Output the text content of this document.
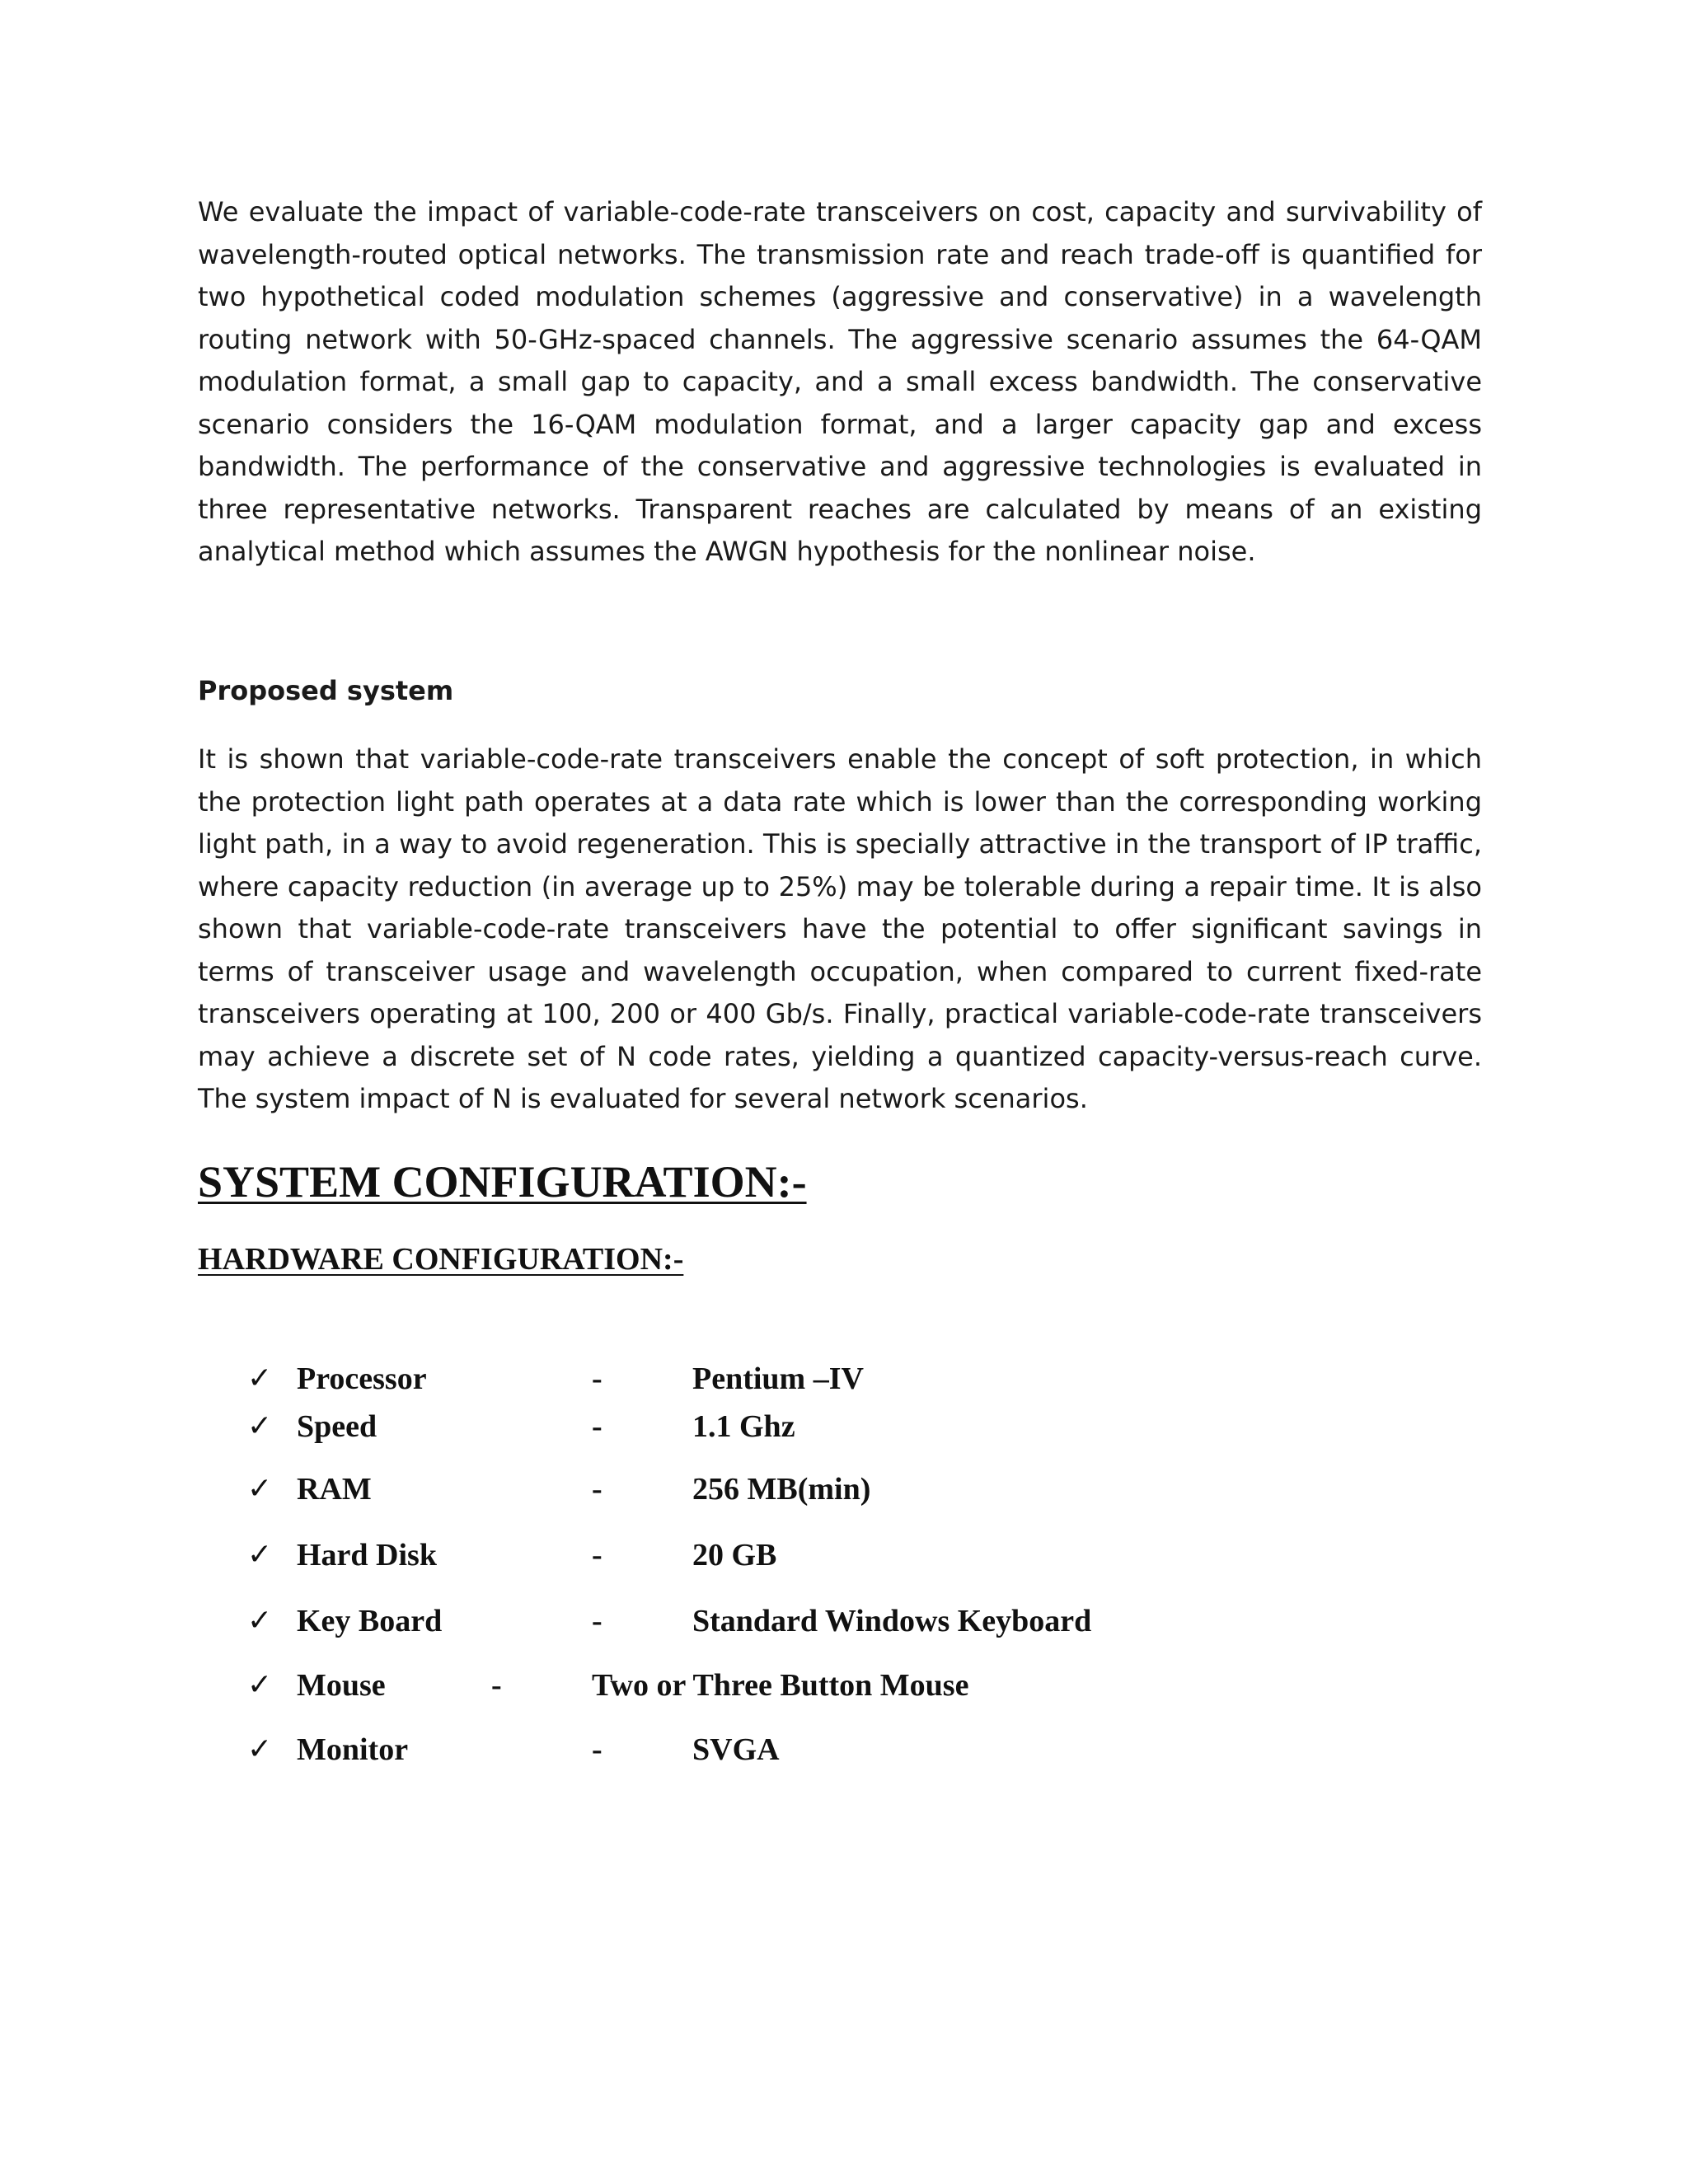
We evaluate the impact of variable-code-rate transceivers on cost, capacity and survivability of wavelength-routed optical networks. The transmission rate and reach trade-off is quantified for two hypothetical coded modulation schemes (aggressive and conservative) in a wavelength routing network with 50-GHz-spaced channels. The aggressive scenario assumes the 64-QAM modulation format, a small gap to capacity, and a small excess bandwidth. The conservative scenario considers the 16-QAM modulation format, and a larger capacity gap and excess bandwidth. The performance of the conservative and aggressive technologies is evaluated in three representative networks. Transparent reaches are calculated by means of an existing analytical method which assumes the AWGN hypothesis for the nonlinear noise.

Proposed system

It is shown that variable-code-rate transceivers enable the concept of soft protection, in which the protection light path operates at a data rate which is lower than the corresponding working light path, in a way to avoid regeneration. This is specially attractive in the transport of IP traffic, where capacity reduction (in average up to 25%) may be tolerable during a repair time. It is also shown that variable-code-rate transceivers have the potential to offer significant savings in terms of transceiver usage and wavelength occupation, when compared to current fixed-rate transceivers operating at 100, 200 or 400 Gb/s. Finally, practical variable-code-rate transceivers may achieve a discrete set of N code rates, yielding a quantized capacity-versus-reach curve. The system impact of N is evaluated for several network scenarios.

SYSTEM CONFIGURATION:-
HARDWARE CONFIGURATION:-
✓ Processor	-	Pentium –IV
✓ Speed	-	1.1 Ghz
✓ RAM	-	256 MB(min)
✓ Hard Disk	-	20 GB
✓ Key Board	-	Standard Windows Keyboard
✓ Mouse	-	Two or Three Button Mouse
✓ Monitor	-	SVGA
